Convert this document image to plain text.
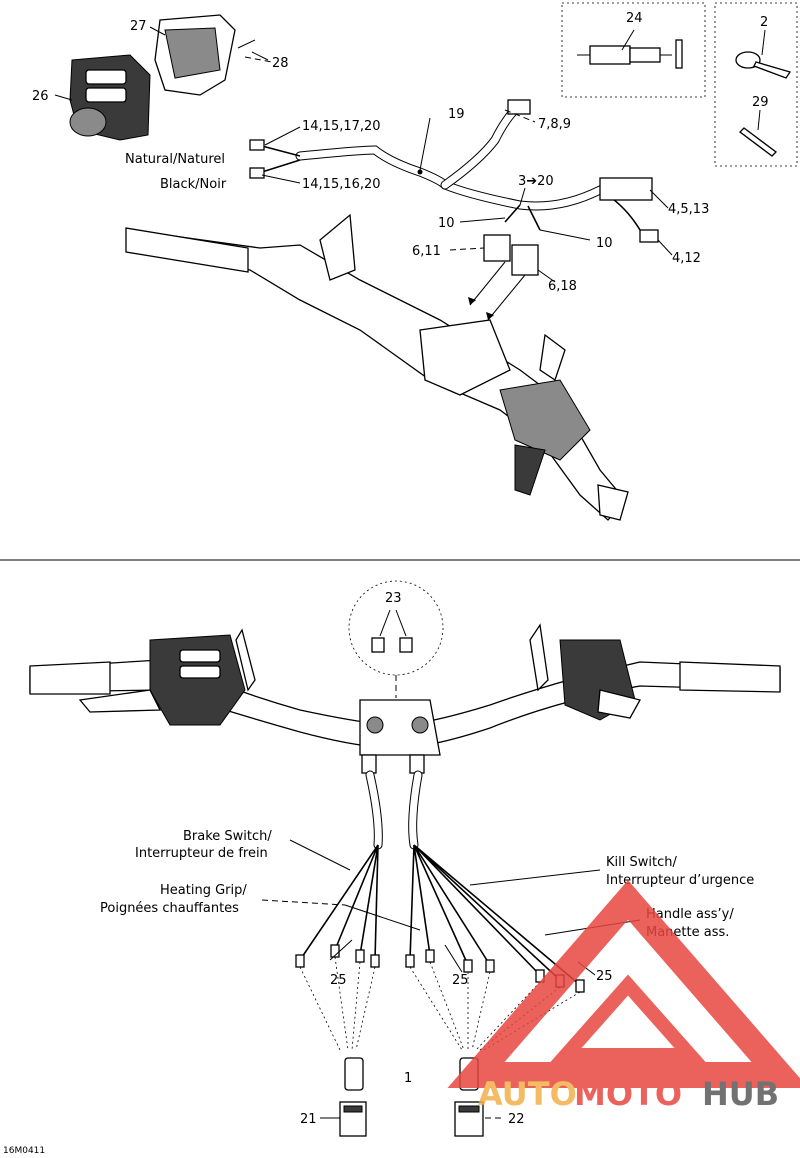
24	2
29
27
28
26
19
7,8,9
14,15,17,20
Natural/Naturel
Black/Noir	14,15,16,20	3➔20
4,5,13
10
10
6,11
6,18
4,12
23
Brake Switch/
Interrupteur de frein
Heating Grip/
Poignées chauffantes
Kill Switch/
Interrupteur d’urgence
Handle ass’y/
Manette ass.
25	25	25
1
21	22
16M0411
AUTO
MOTO HUB
